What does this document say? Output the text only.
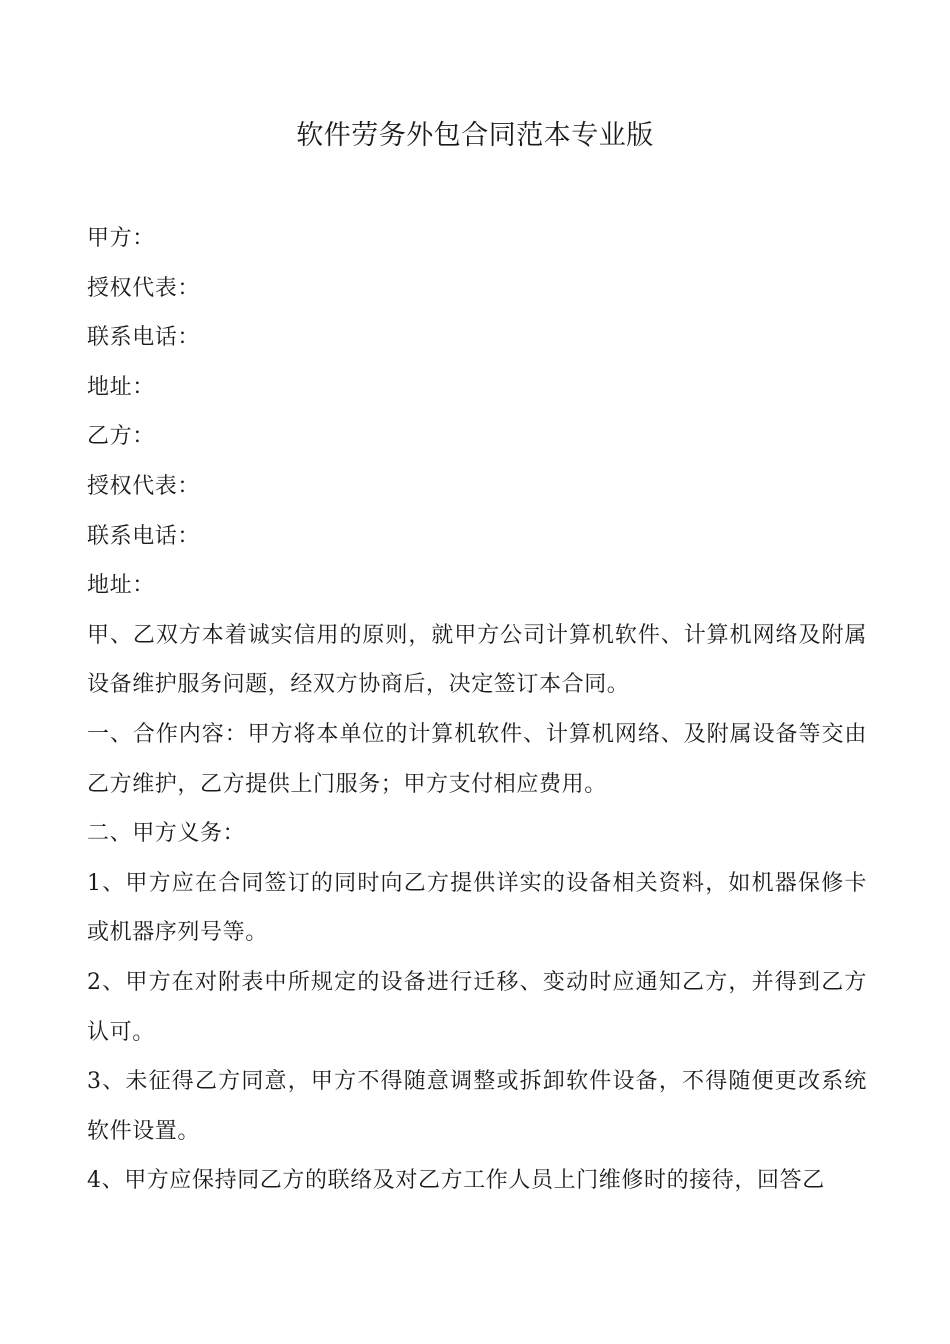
软件劳务外包合同范本专业版

甲方：

授权代表：

联系电话：

地址：

乙方：

授权代表：

联系电话：

地址：

甲、乙双方本着诚实信用的原则，就甲方公司计算机软件、计算机网络及附属设备维护服务问题，经双方协商后，决定签订本合同。

一、合作内容：甲方将本单位的计算机软件、计算机网络、及附属设备等交由乙方维护，乙方提供上门服务；甲方支付相应费用。

二、甲方义务：

1、甲方应在合同签订的同时向乙方提供详实的设备相关资料，如机器保修卡或机器序列号等。

2、甲方在对附表中所规定的设备进行迁移、变动时应通知乙方，并得到乙方认可。

3、未征得乙方同意，甲方不得随意调整或拆卸软件设备，不得随便更改系统软件设置。

4、甲方应保持同乙方的联络及对乙方工作人员上门维修时的接待，回答乙
